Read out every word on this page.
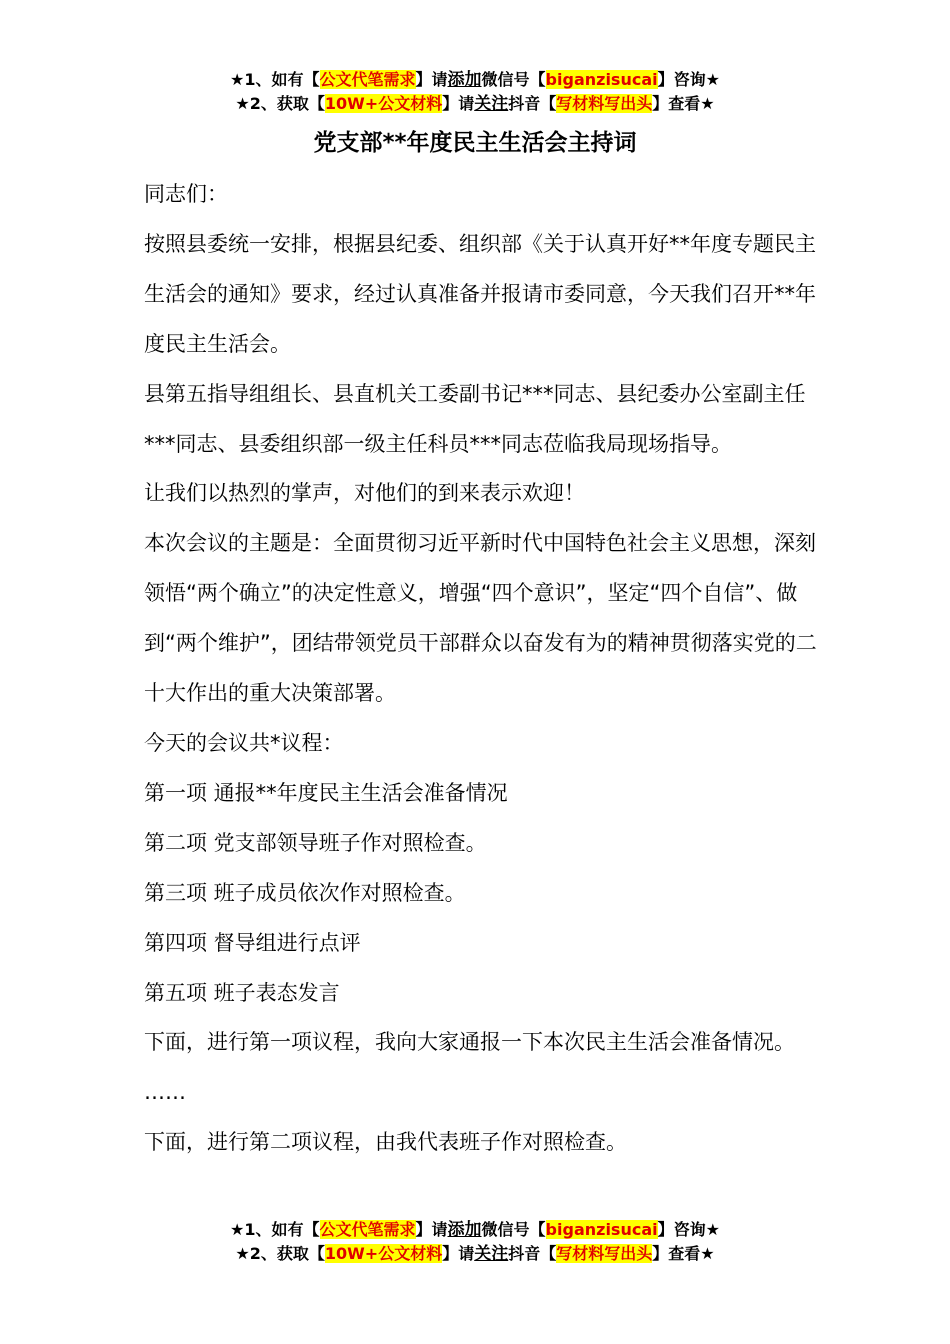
★1、如有【公文代笔需求】请添加微信号【biganzisucai】咨询★
★2、获取【10W+公文材料】请关注抖音【写材料写出头】查看★
党支部**年度民主生活会主持词

同志们：

按照县委统一安排，根据县纪委、组织部《关于认真开好**年度专题民主生活会的通知》要求，经过认真准备并报请市委同意，今天我们召开**年度民主生活会。

县第五指导组组长、县直机关工委副书记***同志、县纪委办公室副主任***同志、县委组织部一级主任科员***同志莅临我局现场指导。

让我们以热烈的掌声，对他们的到来表示欢迎！

本次会议的主题是：全面贯彻习近平新时代中国特色社会主义思想，深刻领悟“两个确立”的决定性意义，增强“四个意识”，坚定“四个自信”、做到“两个维护”，团结带领党员干部群众以奋发有为的精神贯彻落实党的二十大作出的重大决策部署。

今天的会议共*议程：

第一项 通报**年度民主生活会准备情况

第二项 党支部领导班子作对照检查。

第三项 班子成员依次作对照检查。

第四项 督导组进行点评

第五项 班子表态发言

下面，进行第一项议程，我向大家通报一下本次民主生活会准备情况。

……

下面，进行第二项议程，由我代表班子作对照检查。

★1、如有【公文代笔需求】请添加微信号【biganzisucai】咨询★
★2、获取【10W+公文材料】请关注抖音【写材料写出头】查看★
